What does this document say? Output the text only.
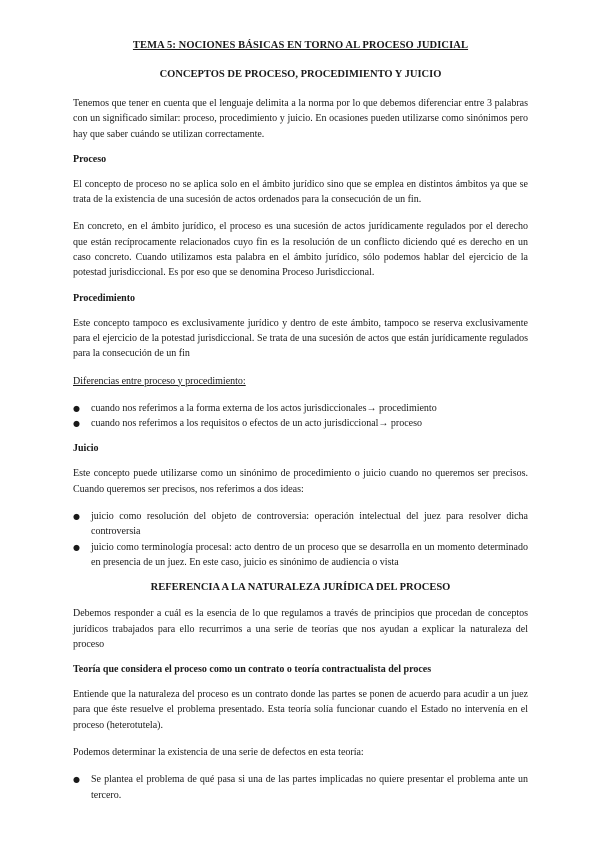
TEMA 5: NOCIONES BÁSICAS EN TORNO AL PROCESO JUDICIAL
CONCEPTOS DE PROCESO, PROCEDIMIENTO Y JUICIO

Tenemos que tener en cuenta que el lenguaje delimita a la norma por lo que debemos diferenciar entre 3 palabras con un significado similar: proceso, procedimiento y juicio. En ocasiones pueden utilizarse como sinónimos pero hay que saber cuándo se utilizan correctamente.

Proceso

El concepto de proceso no se aplica solo en el ámbito jurídico sino que se emplea en distintos ámbitos ya que se trata de la existencia de una sucesión de actos ordenados para la consecución de un fin.

En concreto, en el ámbito jurídico, el proceso es una sucesión de actos jurídicamente regulados por el derecho que están recíprocamente relacionados cuyo fin es la resolución de un conflicto diciendo qué es derecho en un caso concreto. Cuando utilizamos esta palabra en el ámbito jurídico, sólo podemos hablar del ejercicio de la potestad jurisdiccional. Es por eso que se denomina Proceso Jurisdiccional.

Procedimiento

Este concepto tampoco es exclusivamente jurídico y dentro de este ámbito, tampoco se reserva exclusivamente para el ejercicio de la potestad jurisdiccional. Se trata de una sucesión de actos que están jurídicamente regulados para la consecución de un fin

Diferencias entre proceso y procedimiento:

● cuando nos referimos a la forma externa de los actos jurisdiccionales→ procedimiento
● cuando nos referimos a los requisitos o efectos de un acto jurisdiccional→ proceso
Juicio

Este concepto puede utilizarse como un sinónimo de procedimiento o juicio cuando no queremos ser precisos. Cuando queremos ser precisos, nos referimos a dos ideas:

● juicio como resolución del objeto de controversia: operación intelectual del juez para resolver dicha controversia
● juicio como terminología procesal: acto dentro de un proceso que se desarrolla en un momento determinado en presencia de un juez. En este caso, juicio es sinónimo de audiencia o vista
REFERENCIA A LA NATURALEZA JURÍDICA DEL PROCESO

Debemos responder a cuál es la esencia de lo que regulamos a través de principios que procedan de conceptos jurídicos trabajados para ello recurrimos a una serie de teorías que nos ayudan a explicar la naturaleza del proceso

Teoría que considera el proceso como un contrato o teoría contractualista del proces

Entiende que la naturaleza del proceso es un contrato donde las partes se ponen de acuerdo para acudir a un juez para que éste resuelve el problema presentado. Esta teoría solía funcionar cuando el Estado no intervenía en el proceso (heterotutela).

Podemos determinar la existencia de una serie de defectos en esta teoría:

● Se plantea el problema de qué pasa si una de las partes implicadas no quiere presentar el problema ante un tercero.
